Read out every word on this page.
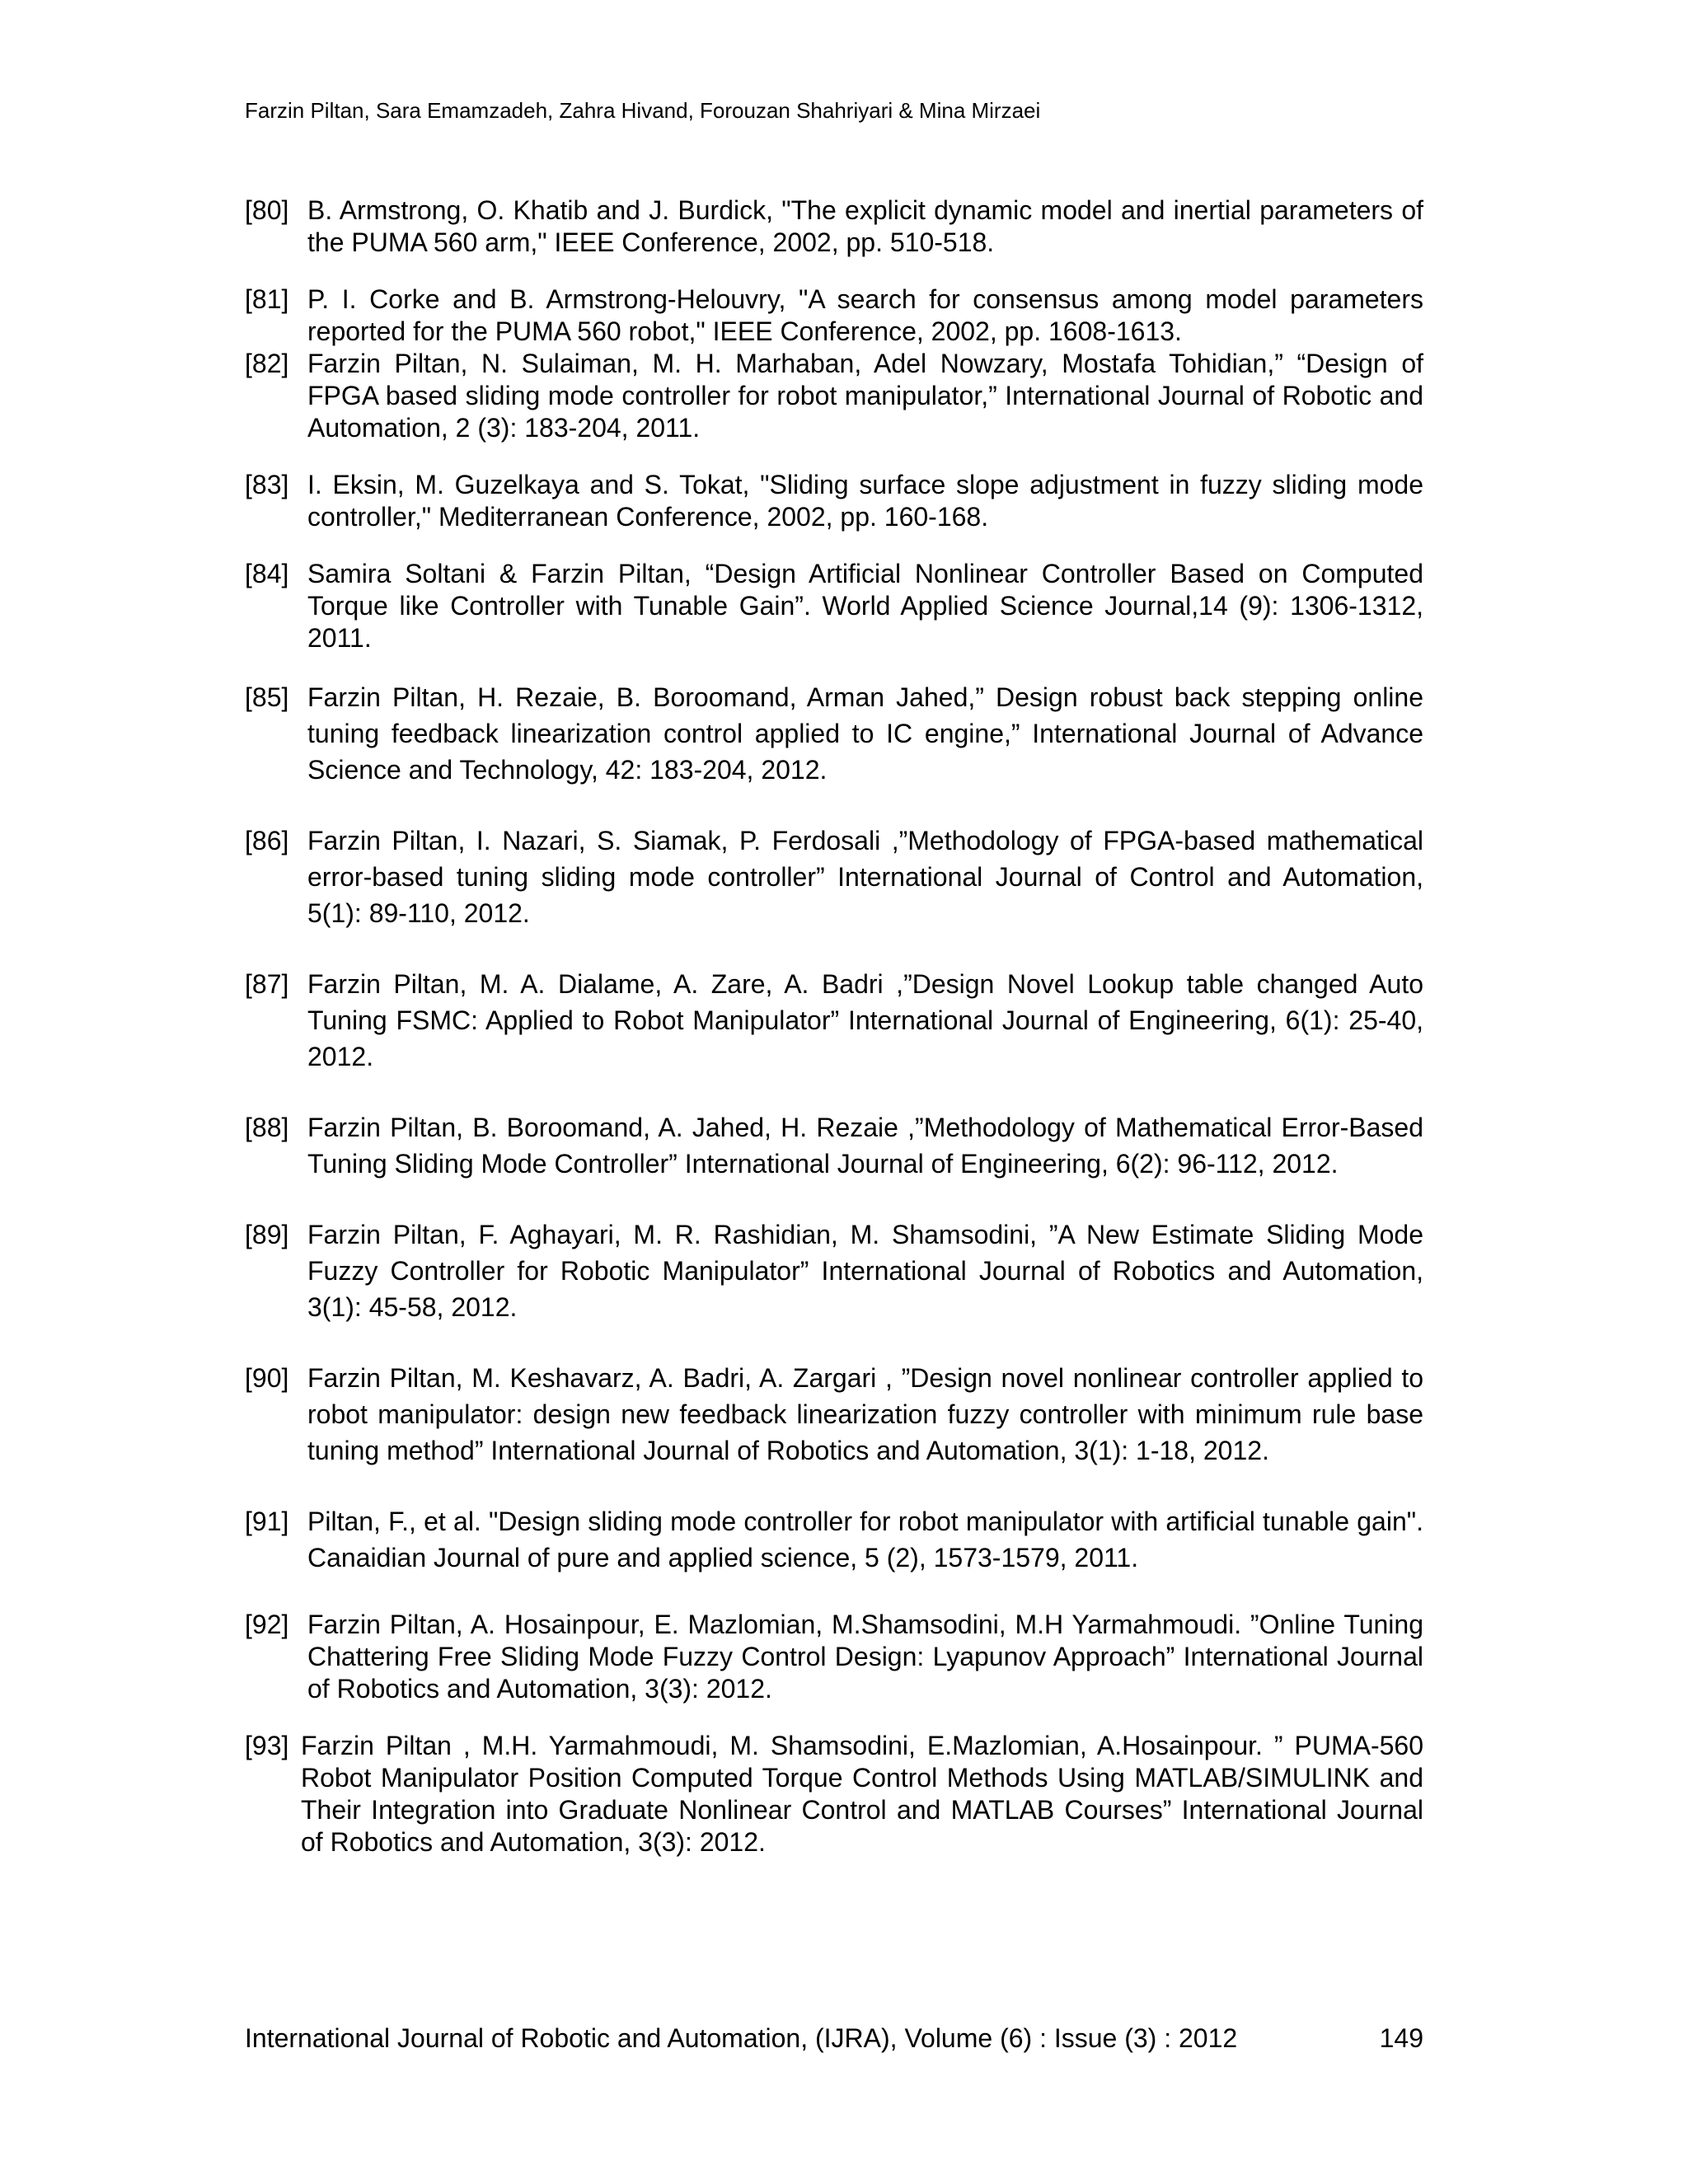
Farzin Piltan, Sara Emamzadeh, Zahra Hivand, Forouzan Shahriyari & Mina Mirzaei
[80] B. Armstrong, O. Khatib and J. Burdick, "The explicit dynamic model and inertial parameters of the PUMA 560 arm," IEEE Conference, 2002, pp. 510-518.
[81] P. I. Corke and B. Armstrong-Helouvry, "A search for consensus among model parameters reported for the PUMA 560 robot," IEEE Conference, 2002, pp. 1608-1613.
[82] Farzin Piltan, N. Sulaiman, M. H. Marhaban, Adel Nowzary, Mostafa Tohidian,” “Design of FPGA based sliding mode controller for robot manipulator,” International Journal of Robotic and Automation, 2 (3): 183-204, 2011.
[83] I. Eksin, M. Guzelkaya and S. Tokat, "Sliding surface slope adjustment in fuzzy sliding mode controller," Mediterranean Conference, 2002, pp. 160-168.
[84] Samira Soltani & Farzin Piltan, “Design Artificial Nonlinear Controller Based on Computed Torque like Controller with Tunable Gain”. World Applied Science Journal,14 (9): 1306-1312, 2011.
[85] Farzin Piltan, H. Rezaie, B. Boroomand, Arman Jahed,” Design robust back stepping online tuning feedback linearization control applied to IC engine,” International Journal of Advance Science and Technology, 42: 183-204, 2012.
[86] Farzin Piltan, I. Nazari, S. Siamak, P. Ferdosali ,”Methodology of FPGA-based mathematical error-based tuning sliding mode controller” International Journal of Control and Automation, 5(1): 89-110, 2012.
[87] Farzin Piltan, M. A. Dialame, A. Zare, A. Badri ,”Design Novel Lookup table changed Auto Tuning FSMC: Applied to Robot Manipulator” International Journal of Engineering, 6(1): 25-40, 2012.
[88] Farzin Piltan, B. Boroomand, A. Jahed, H. Rezaie ,”Methodology of Mathematical Error-Based Tuning Sliding Mode Controller” International Journal of Engineering, 6(2): 96-112, 2012.
[89] Farzin Piltan, F. Aghayari, M. R. Rashidian, M. Shamsodini, ”A New Estimate Sliding Mode Fuzzy Controller for Robotic Manipulator” International Journal of Robotics and Automation, 3(1): 45-58, 2012.
[90] Farzin Piltan, M. Keshavarz, A. Badri, A. Zargari , ”Design novel nonlinear controller applied to robot manipulator: design new feedback linearization fuzzy controller with minimum rule base tuning method” International Journal of Robotics and Automation, 3(1): 1-18, 2012.
[91] Piltan, F., et al. "Design sliding mode controller for robot manipulator with artificial tunable gain". Canaidian Journal of pure and applied science, 5 (2), 1573-1579, 2011.
[92] Farzin Piltan, A. Hosainpour, E. Mazlomian, M.Shamsodini, M.H Yarmahmoudi. ”Online Tuning Chattering Free Sliding Mode Fuzzy Control Design: Lyapunov Approach” International Journal of Robotics and Automation, 3(3): 2012.
[93] Farzin Piltan , M.H. Yarmahmoudi, M. Shamsodini, E.Mazlomian, A.Hosainpour. ” PUMA-560 Robot Manipulator Position Computed Torque Control Methods Using MATLAB/SIMULINK and Their Integration into Graduate Nonlinear Control and MATLAB Courses” International Journal of Robotics and Automation, 3(3): 2012.
International Journal of Robotic and Automation, (IJRA), Volume (6) : Issue (3) : 2012	149
